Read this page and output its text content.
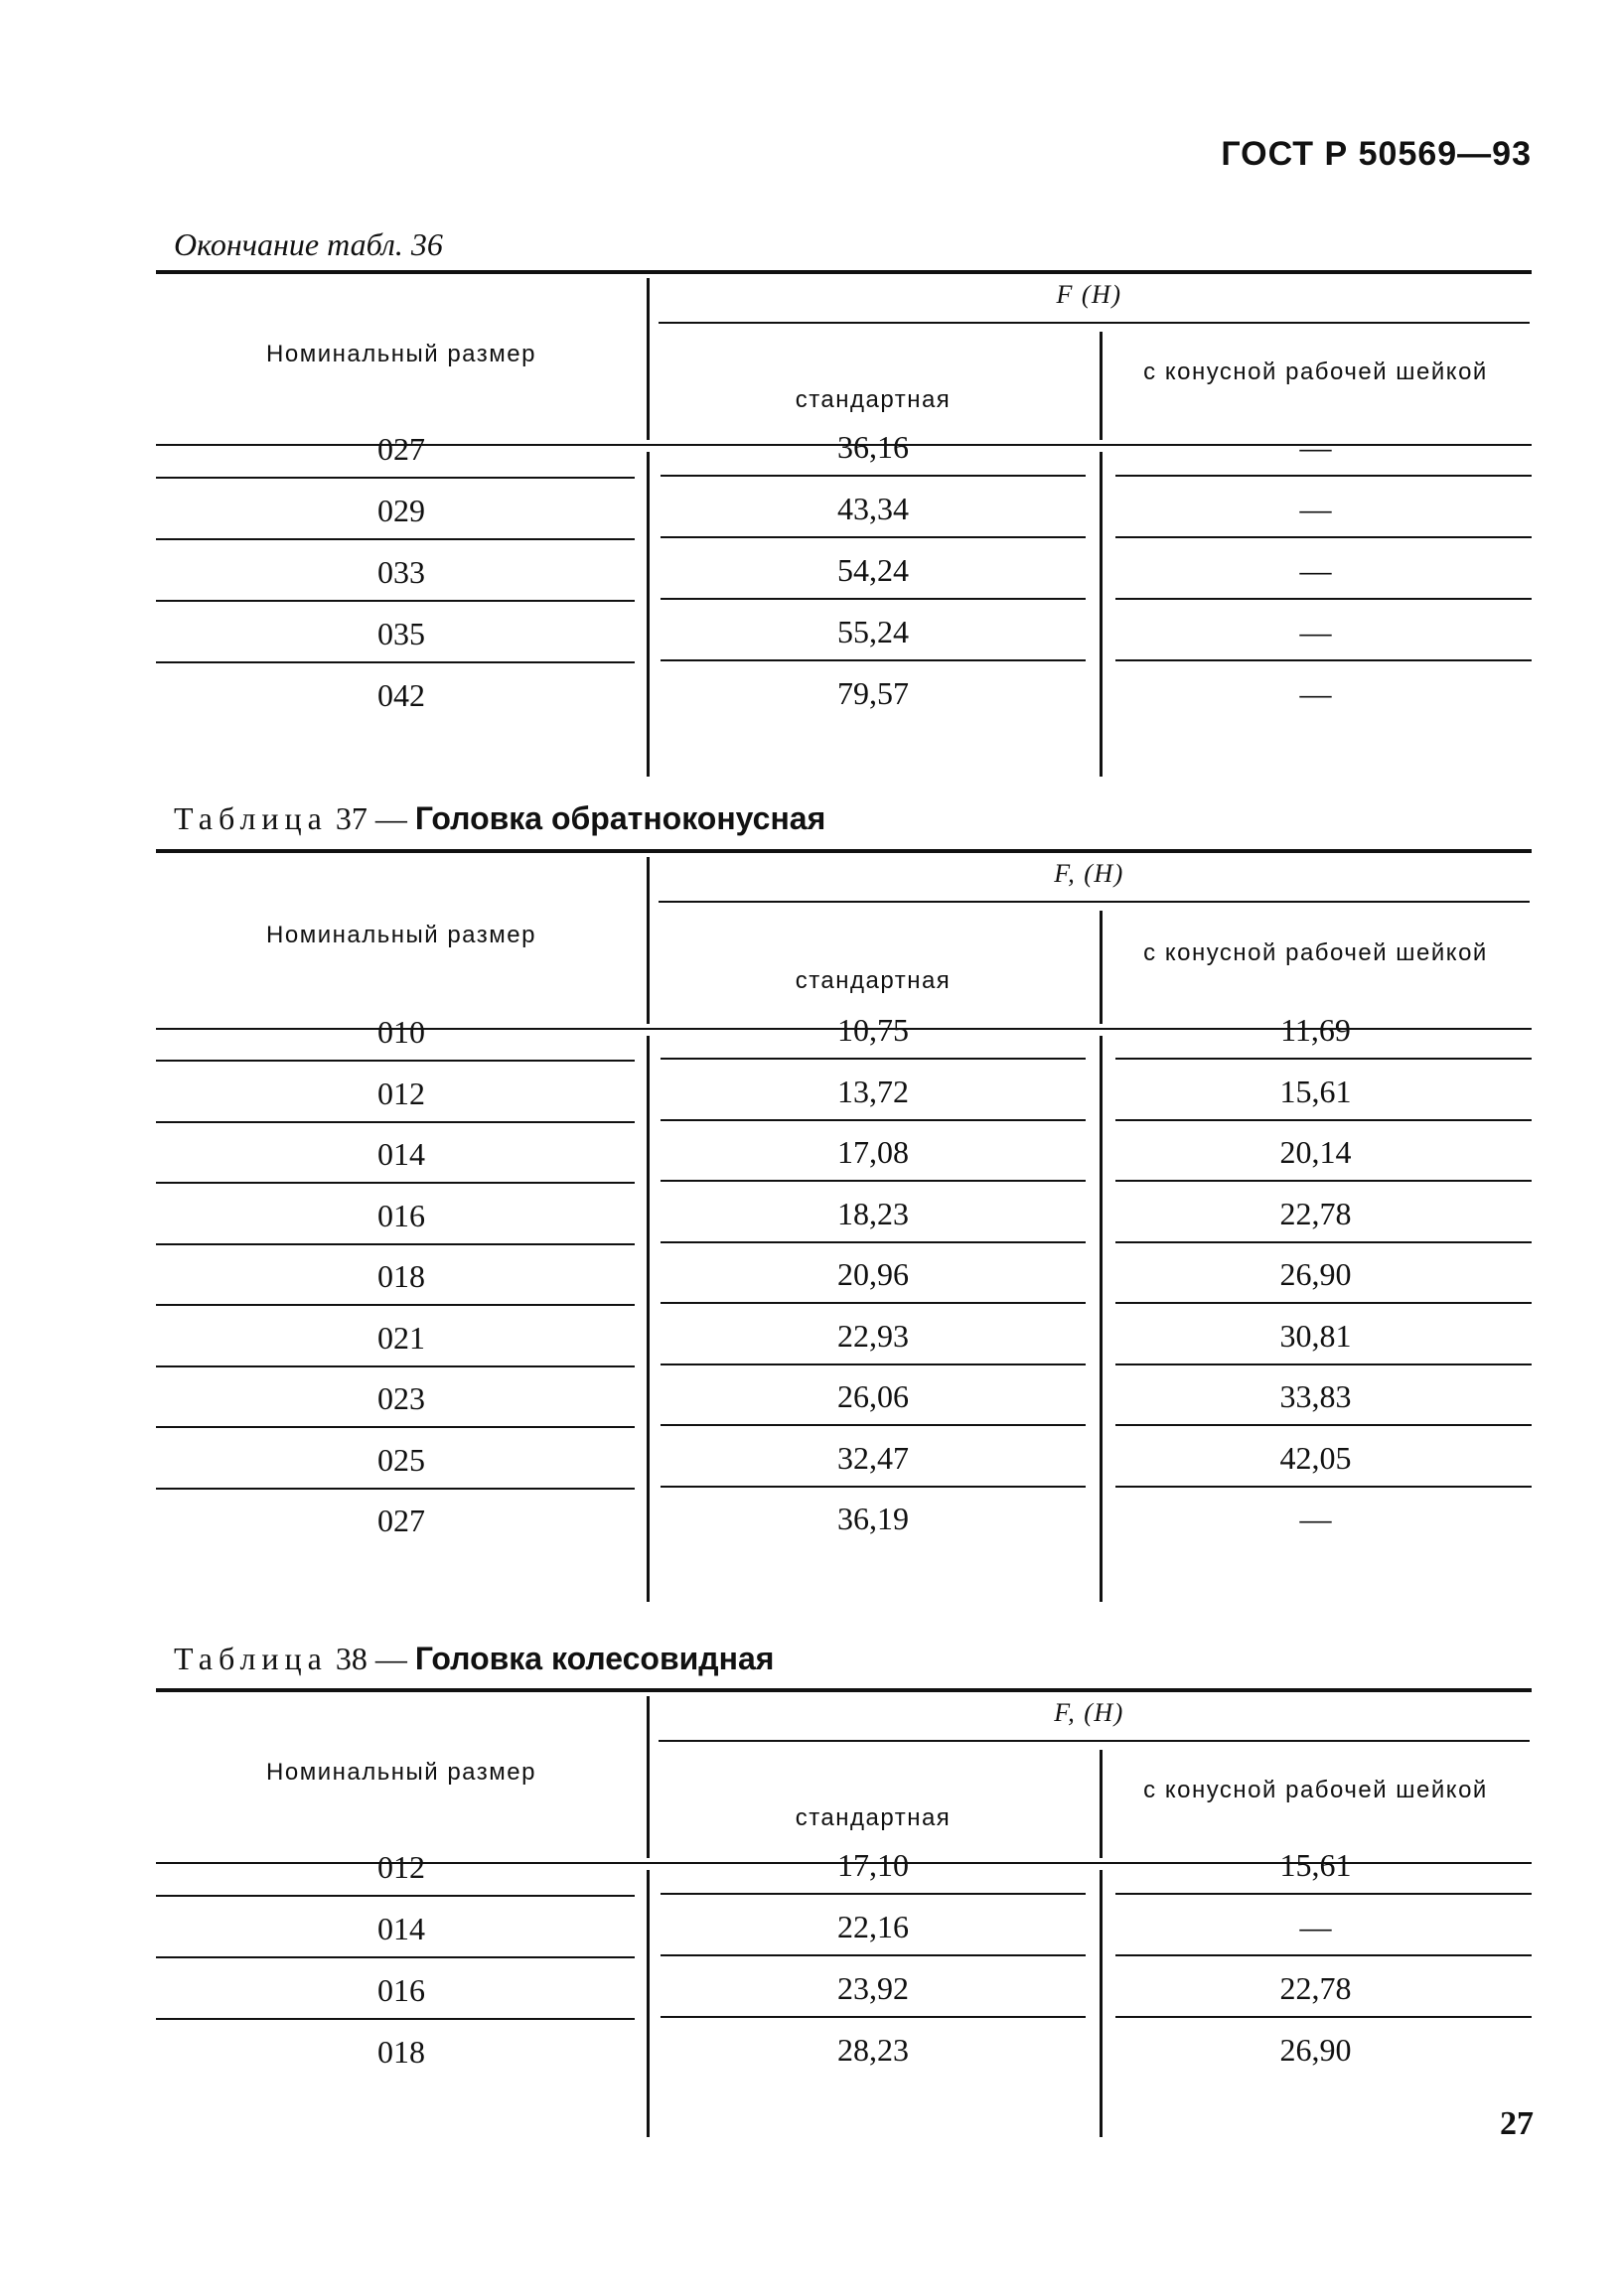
ГОСТ Р 50569—93
Окончание табл. 36
Номинальный размер
F (H)
стандартная
с конусной рабочей шейкой
027	36,16	—
029	43,34	—
033	54,24	—
035	55,24	—
042	79,57	—
Таблица 37 — Головка обратноконусная
Номинальный размер
F, (H)
стандартная
с конусной рабочей шейкой
010	10,75	11,69
012	13,72	15,61
014	17,08	20,14
016	18,23	22,78
018	20,96	26,90
021	22,93	30,81
023	26,06	33,83
025	32,47	42,05
027	36,19	—
Таблица 38 — Головка колесовидная
Номинальный размер
F, (H)
стандартная
с конусной рабочей шейкой
012	17,10	15,61
014	22,16	—
016	23,92	22,78
018	28,23	26,90
27
